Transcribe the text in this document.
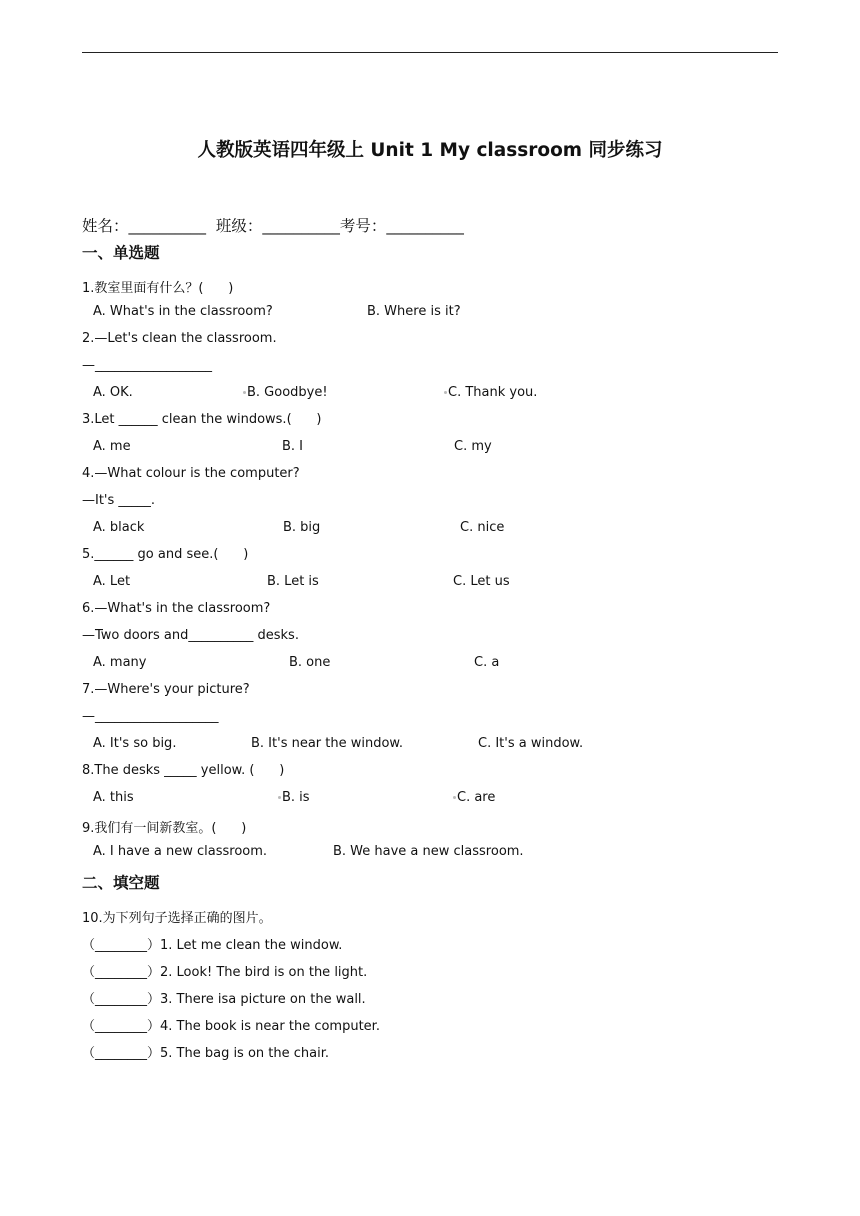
人教版英语四年级上 Unit 1 My classroom 同步练习
姓名：__________  班级：__________考号：__________
一、单选题
1.教室里面有什么？(      )
A. What's in the classroom?	B. Where is it?
2.—Let's clean the classroom.
—__________________
A. OK.	B. Goodbye!	C. Thank you.
3.Let ______ clean the windows.(      )
A. me	B. I	C. my
4.—What colour is the computer?
—It's _____.
A. black	B. big	C. nice
5.______ go and see.(      )
A. Let	B. Let is	C. Let us
6.—What's in the classroom?
—Two doors and__________ desks.
A. many	B. one	C. a
7.—Where's your picture?
—___________________
A. It's so big.	B. It's near the window.	C. It's a window.
8.The desks _____ yellow. (      )
A. this	B. is	C. are
9.我们有一间新教室。(      )
A. I have a new classroom.	B. We have a new classroom.
二、填空题
10.为下列句子选择正确的图片。
（________）1. Let me clean the window.
（________）2. Look! The bird is on the light.
（________）3. There isa picture on the wall.
（________）4. The book is near the computer.
（________）5. The bag is on the chair.
